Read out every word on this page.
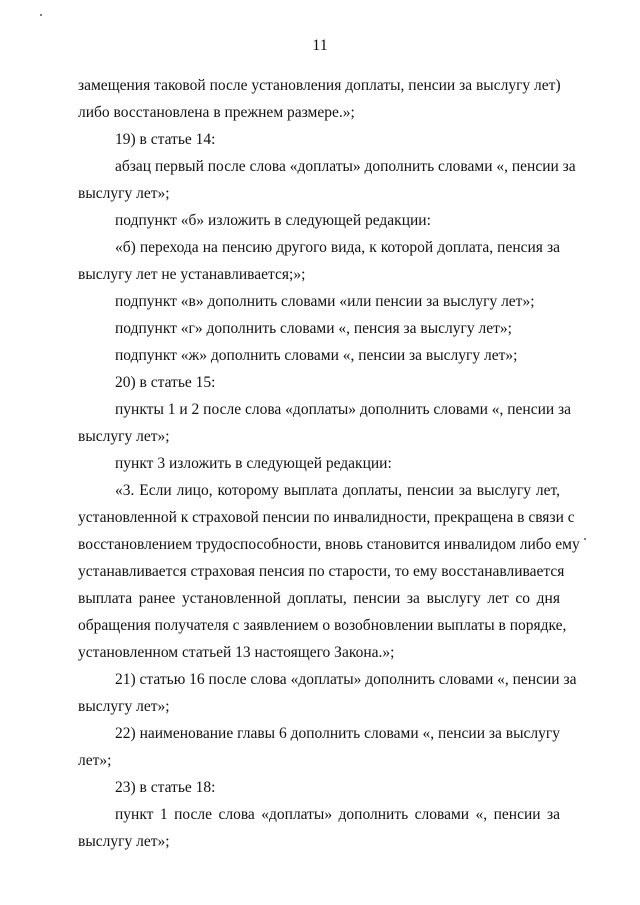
11

замещения таковой после установления доплаты, пенсии за выслугу лет)

либо восстановлена в прежнем размере.»;

19) в статье 14:

абзац первый после слова «доплаты» дополнить словами «, пенсии за

выслугу лет»;

подпункт «б» изложить в следующей редакции:

«б) перехода на пенсию другого вида, к которой доплата, пенсия за

выслугу лет не устанавливается;»;

подпункт «в» дополнить словами «или пенсии за выслугу лет»;

подпункт «г» дополнить словами «, пенсия за выслугу лет»;

подпункт «ж» дополнить словами «, пенсии за выслугу лет»;

20) в статье 15:

пункты 1 и 2 после слова «доплаты» дополнить словами «, пенсии за

выслугу лет»;

пункт 3 изложить в следующей редакции:

«3. Если лицо, которому выплата доплаты, пенсии за выслугу лет,

установленной к страховой пенсии по инвалидности, прекращена в связи с

восстановлением трудоспособности, вновь становится инвалидом либо ему

устанавливается страховая пенсия по старости, то ему восстанавливается

выплата ранее установленной доплаты, пенсии за выслугу лет со дня

обращения получателя с заявлением о возобновлении выплаты в порядке,

установленном статьей 13 настоящего Закона.»;

21) статью 16 после слова «доплаты» дополнить словами «, пенсии за

выслугу лет»;

22) наименование главы 6 дополнить словами «, пенсии за выслугу

лет»;

23) в статье 18:

пункт 1 после слова «доплаты» дополнить словами «, пенсии за

выслугу лет»;
